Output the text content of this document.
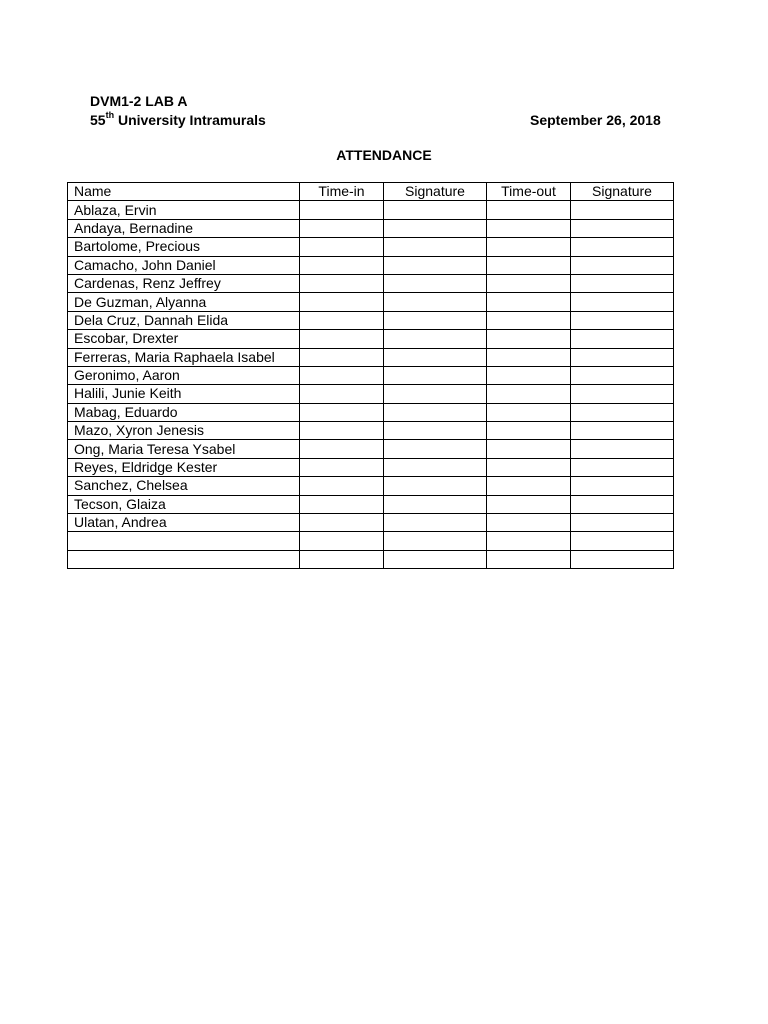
DVM1-2 LAB A
55th University Intramurals	September 26, 2018
ATTENDANCE
Name	Time-in	Signature	Time-out	Signature
Ablaza, Ervin				
Andaya, Bernadine				
Bartolome, Precious				
Camacho, John Daniel				
Cardenas, Renz Jeffrey				
De Guzman, Alyanna				
Dela Cruz, Dannah Elida				
Escobar, Drexter				
Ferreras, Maria Raphaela Isabel				
Geronimo, Aaron				
Halili, Junie Keith				
Mabag, Eduardo				
Mazo, Xyron Jenesis				
Ong, Maria Teresa Ysabel				
Reyes, Eldridge Kester				
Sanchez, Chelsea				
Tecson, Glaiza				
Ulatan, Andrea				
